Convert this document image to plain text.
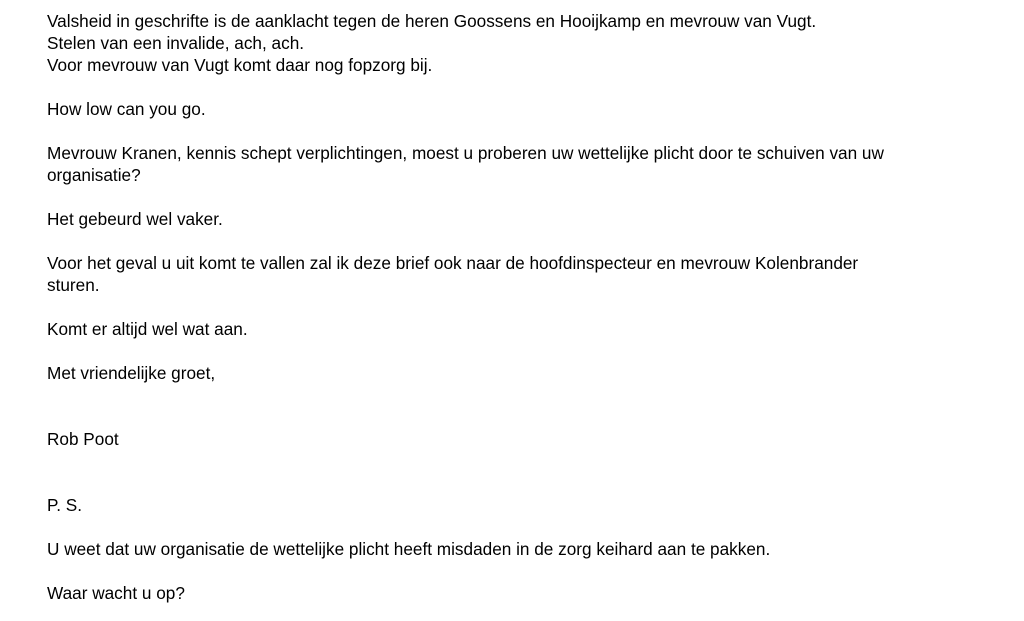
Valsheid in geschrifte is de aanklacht tegen de heren Goossens en Hooijkamp en mevrouw van Vugt.
Stelen van een invalide, ach, ach.
Voor mevrouw van Vugt komt daar nog fopzorg bij.
How low can you go.
Mevrouw Kranen, kennis schept verplichtingen, moest u proberen uw wettelijke plicht door te schuiven van uw
organisatie?
Het gebeurd wel vaker.
Voor het geval u uit komt te vallen zal ik deze brief ook naar de hoofdinspecteur en mevrouw Kolenbrander
sturen.
Komt er altijd wel wat aan.
Met vriendelijke groet,
Rob Poot
P. S.
U weet dat uw organisatie de wettelijke plicht heeft misdaden in de zorg keihard aan te pakken.
Waar wacht u op?
